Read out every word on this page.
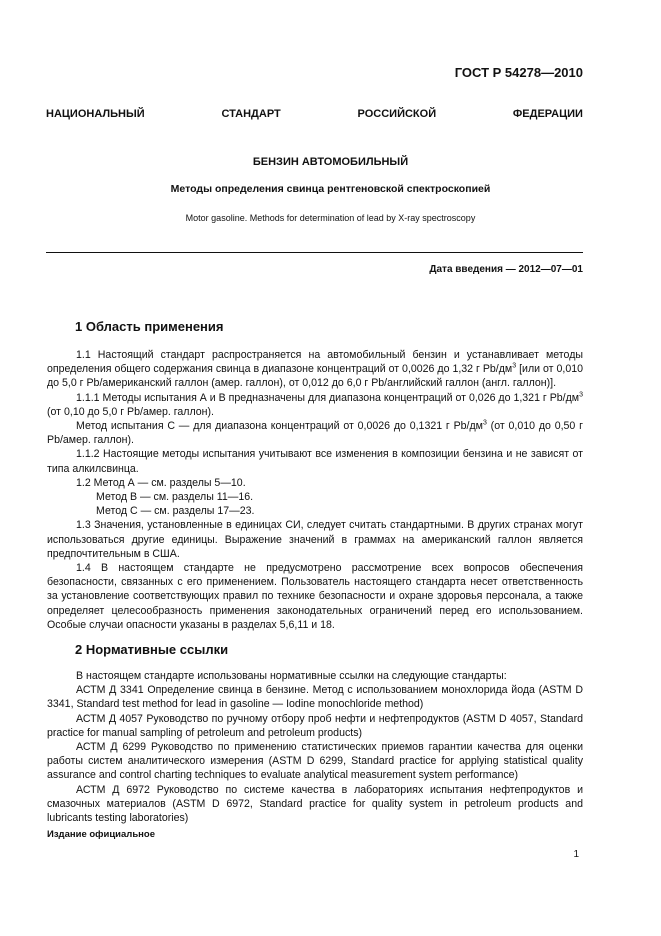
ГОСТ Р 54278—2010
НАЦИОНАЛЬНЫЙ	СТАНДАРТ	РОССИЙСКОЙ	ФЕДЕРАЦИИ
БЕНЗИН АВТОМОБИЛЬНЫЙ
Методы определения свинца рентгеновской спектроскопией
Motor gasoline. Methods for determination of lead by X-ray spectroscopy
Дата введения — 2012—07—01
1 Область применения

1.1 Настоящий стандарт распространяется на автомобильный бензин и устанавливает методы определения общего содержания свинца в диапазоне концентраций от 0,0026 до 1,32 г $Pb/дм^3$ [или от 0,010 до 5,0 г Pb/американский галлон (амер. галлон), от 0,012 до 6,0 г Pb/английский галлон (англ. галлон)].

1.1.1 Методы испытания А и В предназначены для диапазона концентраций от 0,026 до 1,321 г $Pb/дм^3$ (от 0,10 до 5,0 г Pb/амер. галлон).

Метод испытания С — для диапазона концентраций от 0,0026 до 0,1321 г $Pb/дм^3$ (от 0,010 до 0,50 г Pb/амер. галлон).

1.1.2 Настоящие методы испытания учитывают все изменения в композиции бензина и не зависят от типа алкилсвинца.

1.2 Метод А — см. разделы 5—10.

Метод В — см. разделы 11—16.

Метод С — см. разделы 17—23.

1.3 Значения, установленные в единицах СИ, следует считать стандартными. В других странах могут использоваться другие единицы. Выражение значений в граммах на американский галлон является предпочтительным в США.

1.4 В настоящем стандарте не предусмотрено рассмотрение всех вопросов обеспечения безопасности, связанных с его применением. Пользователь настоящего стандарта несет ответственность за установление соответствующих правил по технике безопасности и охране здоровья персонала, а также определяет целесообразность применения законодательных ограничений перед его использованием. Особые случаи опасности указаны в разделах 5,6,11 и 18.

2 Нормативные ссылки

В настоящем стандарте использованы нормативные ссылки на следующие стандарты:

АСТМ Д 3341 Определение свинца в бензине. Метод с использованием монохлорида йода (ASTM D 3341, Standard test method for lead in gasoline — Iodine monochloride method)

АСТМ Д 4057 Руководство по ручному отбору проб нефти и нефтепродуктов (ASTM D 4057, Standard practice for manual sampling of petroleum and petroleum products)

АСТМ Д 6299 Руководство по применению статистических приемов гарантии качества для оценки работы систем аналитического измерения (ASTM D 6299, Standard practice for applying statistical quality assurance and control charting techniques to evaluate analytical measurement system performance)

АСТМ Д 6972 Руководство по системе качества в лабораториях испытания нефтепродуктов и смазочных материалов (ASTM D 6972, Standard practice for quality system in petroleum products and lubricants testing laboratories)

Издание официальное
1
